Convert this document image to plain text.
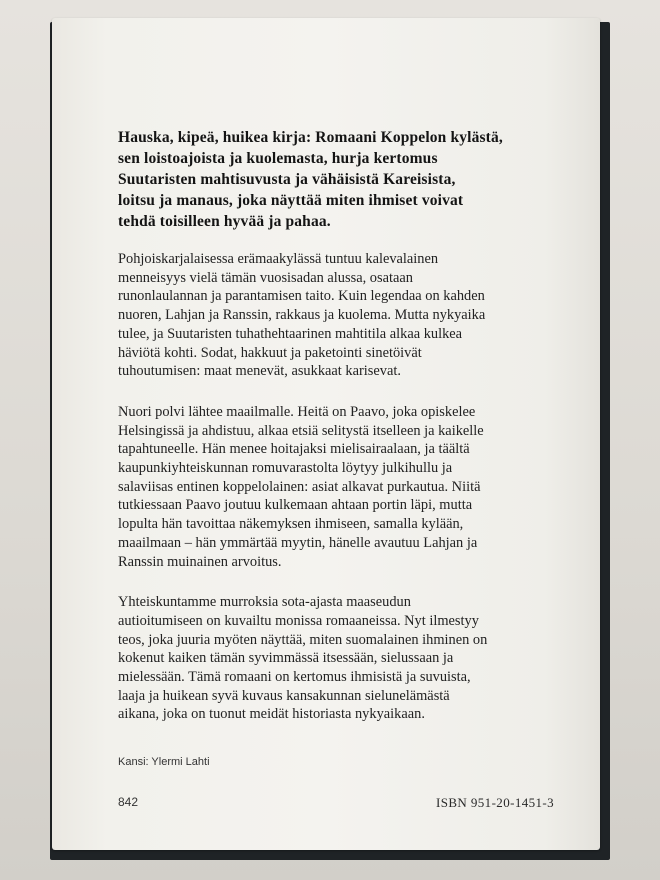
Hauska, kipeä, huikea kirja: Romaani Koppelon kylästä,
sen loistoajoista ja kuolemasta, hurja kertomus
Suutaristen mahtisuvusta ja vähäisistä Kareisista,
loitsu ja manaus, joka näyttää miten ihmiset voivat
tehdä toisilleen hyvää ja pahaa.

Pohjoiskarjalaisessa erämaakylässä tuntuu kalevalainen
menneisyys vielä tämän vuosisadan alussa, osataan
runonlaulannan ja parantamisen taito. Kuin legendaa on kahden
nuoren, Lahjan ja Ranssin, rakkaus ja kuolema. Mutta nykyaika
tulee, ja Suutaristen tuhathehtaarinen mahtitila alkaa kulkea
häviötä kohti. Sodat, hakkuut ja paketointi sinetöivät
tuhoutumisen: maat menevät, asukkaat karisevat.

Nuori polvi lähtee maailmalle. Heitä on Paavo, joka opiskelee
Helsingissä ja ahdistuu, alkaa etsiä selitystä itselleen ja kaikelle
tapahtuneelle. Hän menee hoitajaksi mielisairaalaan, ja täältä
kaupunkiyhteiskunnan romuvarastolta löytyy julkihullu ja
salaviisas entinen koppelolainen: asiat alkavat purkautua. Niitä
tutkiessaan Paavo joutuu kulkemaan ahtaan portin läpi, mutta
lopulta hän tavoittaa näkemyksen ihmiseen, samalla kylään,
maailmaan – hän ymmärtää myytin, hänelle avautuu Lahjan ja
Ranssin muinainen arvoitus.

Yhteiskuntamme murroksia sota-ajasta maaseudun
autioitumiseen on kuvailtu monissa romaaneissa. Nyt ilmestyy
teos, joka juuria myöten näyttää, miten suomalainen ihminen on
kokenut kaiken tämän syvimmässä itsessään, sielussaan ja
mielessään. Tämä romaani on kertomus ihmisistä ja suvuista,
laaja ja huikean syvä kuvaus kansakunnan sielunelämästä
aikana, joka on tuonut meidät historiasta nykyaikaan.

Kansi: Ylermi Lahti
842	ISBN 951-20-1451-3
